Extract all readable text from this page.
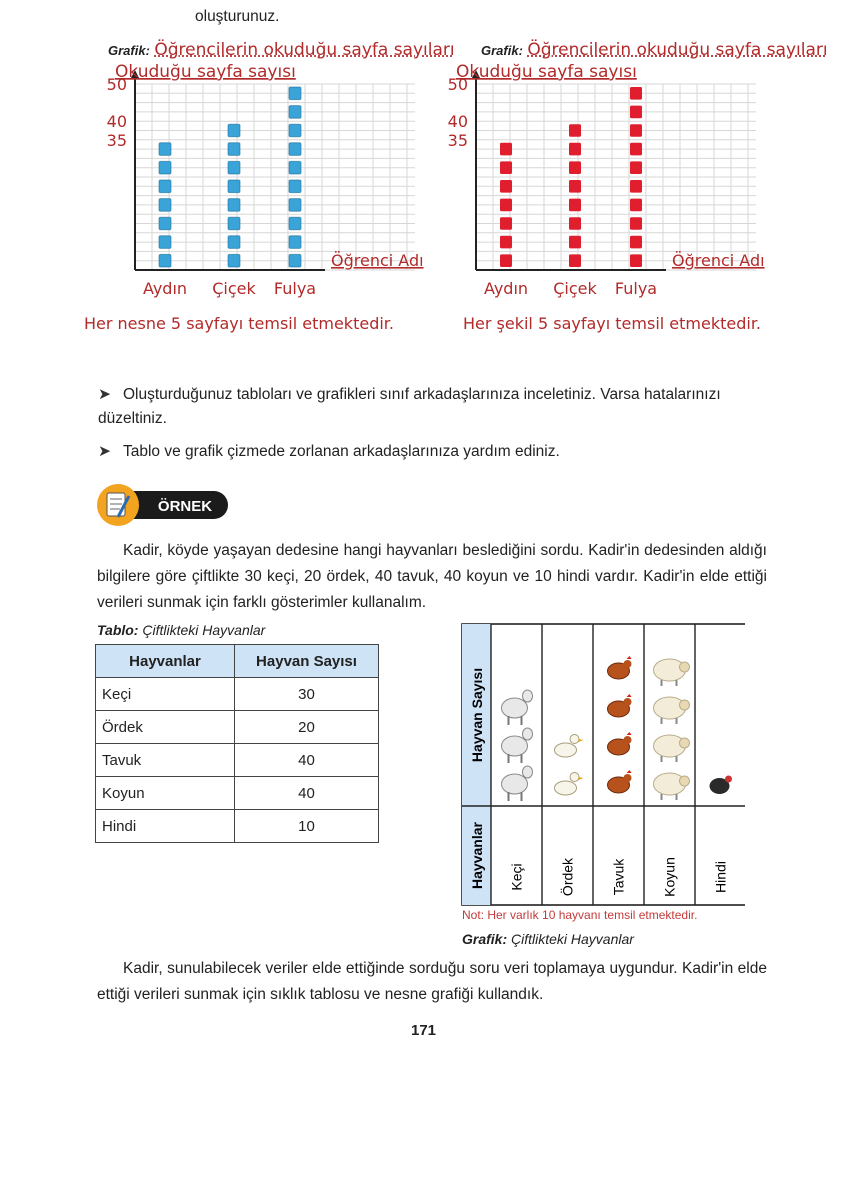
oluşturunuz.
Grafik: Öğrencilerin okuduğu sayfa sayıları
Okuduğu sayfa sayısı
35
40
50
Aydın Çiçek Fulya
Öğrenci Adı
Her nesne 5 sayfayı temsil etmektedir.
Grafik: Öğrencilerin okuduğu sayfa sayıları
Okuduğu sayfa sayısı
35
40
50
Aydın Çiçek Fulya
Öğrenci Adı
Her şekil 5 sayfayı temsil etmektedir.
➤ Oluşturduğunuz tabloları ve grafikleri sınıf arkadaşlarınıza inceletiniz. Varsa hatalarınızı düzeltiniz.
➤ Tablo ve grafik çizmede zorlanan arkadaşlarınıza yardım ediniz.
ÖRNEK
Kadir, köyde yaşayan dedesine hangi hayvanları beslediğini sordu. Kadir'in dedesinden aldığı bilgilere göre çiftlikte 30 keçi, 20 ördek, 40 tavuk, 40 koyun ve 10 hindi vardır. Kadir'in elde ettiği verileri sunmak için farklı gösterimler kullanalım.
Tablo: Çiftlikteki Hayvanlar
Hayvanlar	Hayvan Sayısı
Keçi	30
Ördek	20
Tavuk	40
Koyun	40
Hindi	10
Hayvan Sayısı
Hayvanlar Keçi	Ördek	Tavuk	Koyun	Hindi
Not: Her varlık 10 hayvanı temsil etmektedir.
Grafik: Çiftlikteki Hayvanlar
Kadir, sunulabilecek veriler elde ettiğinde sorduğu soru veri toplamaya uygundur. Kadir'in elde ettiği verileri sunmak için sıklık tablosu ve nesne grafiği kullandık.
171
